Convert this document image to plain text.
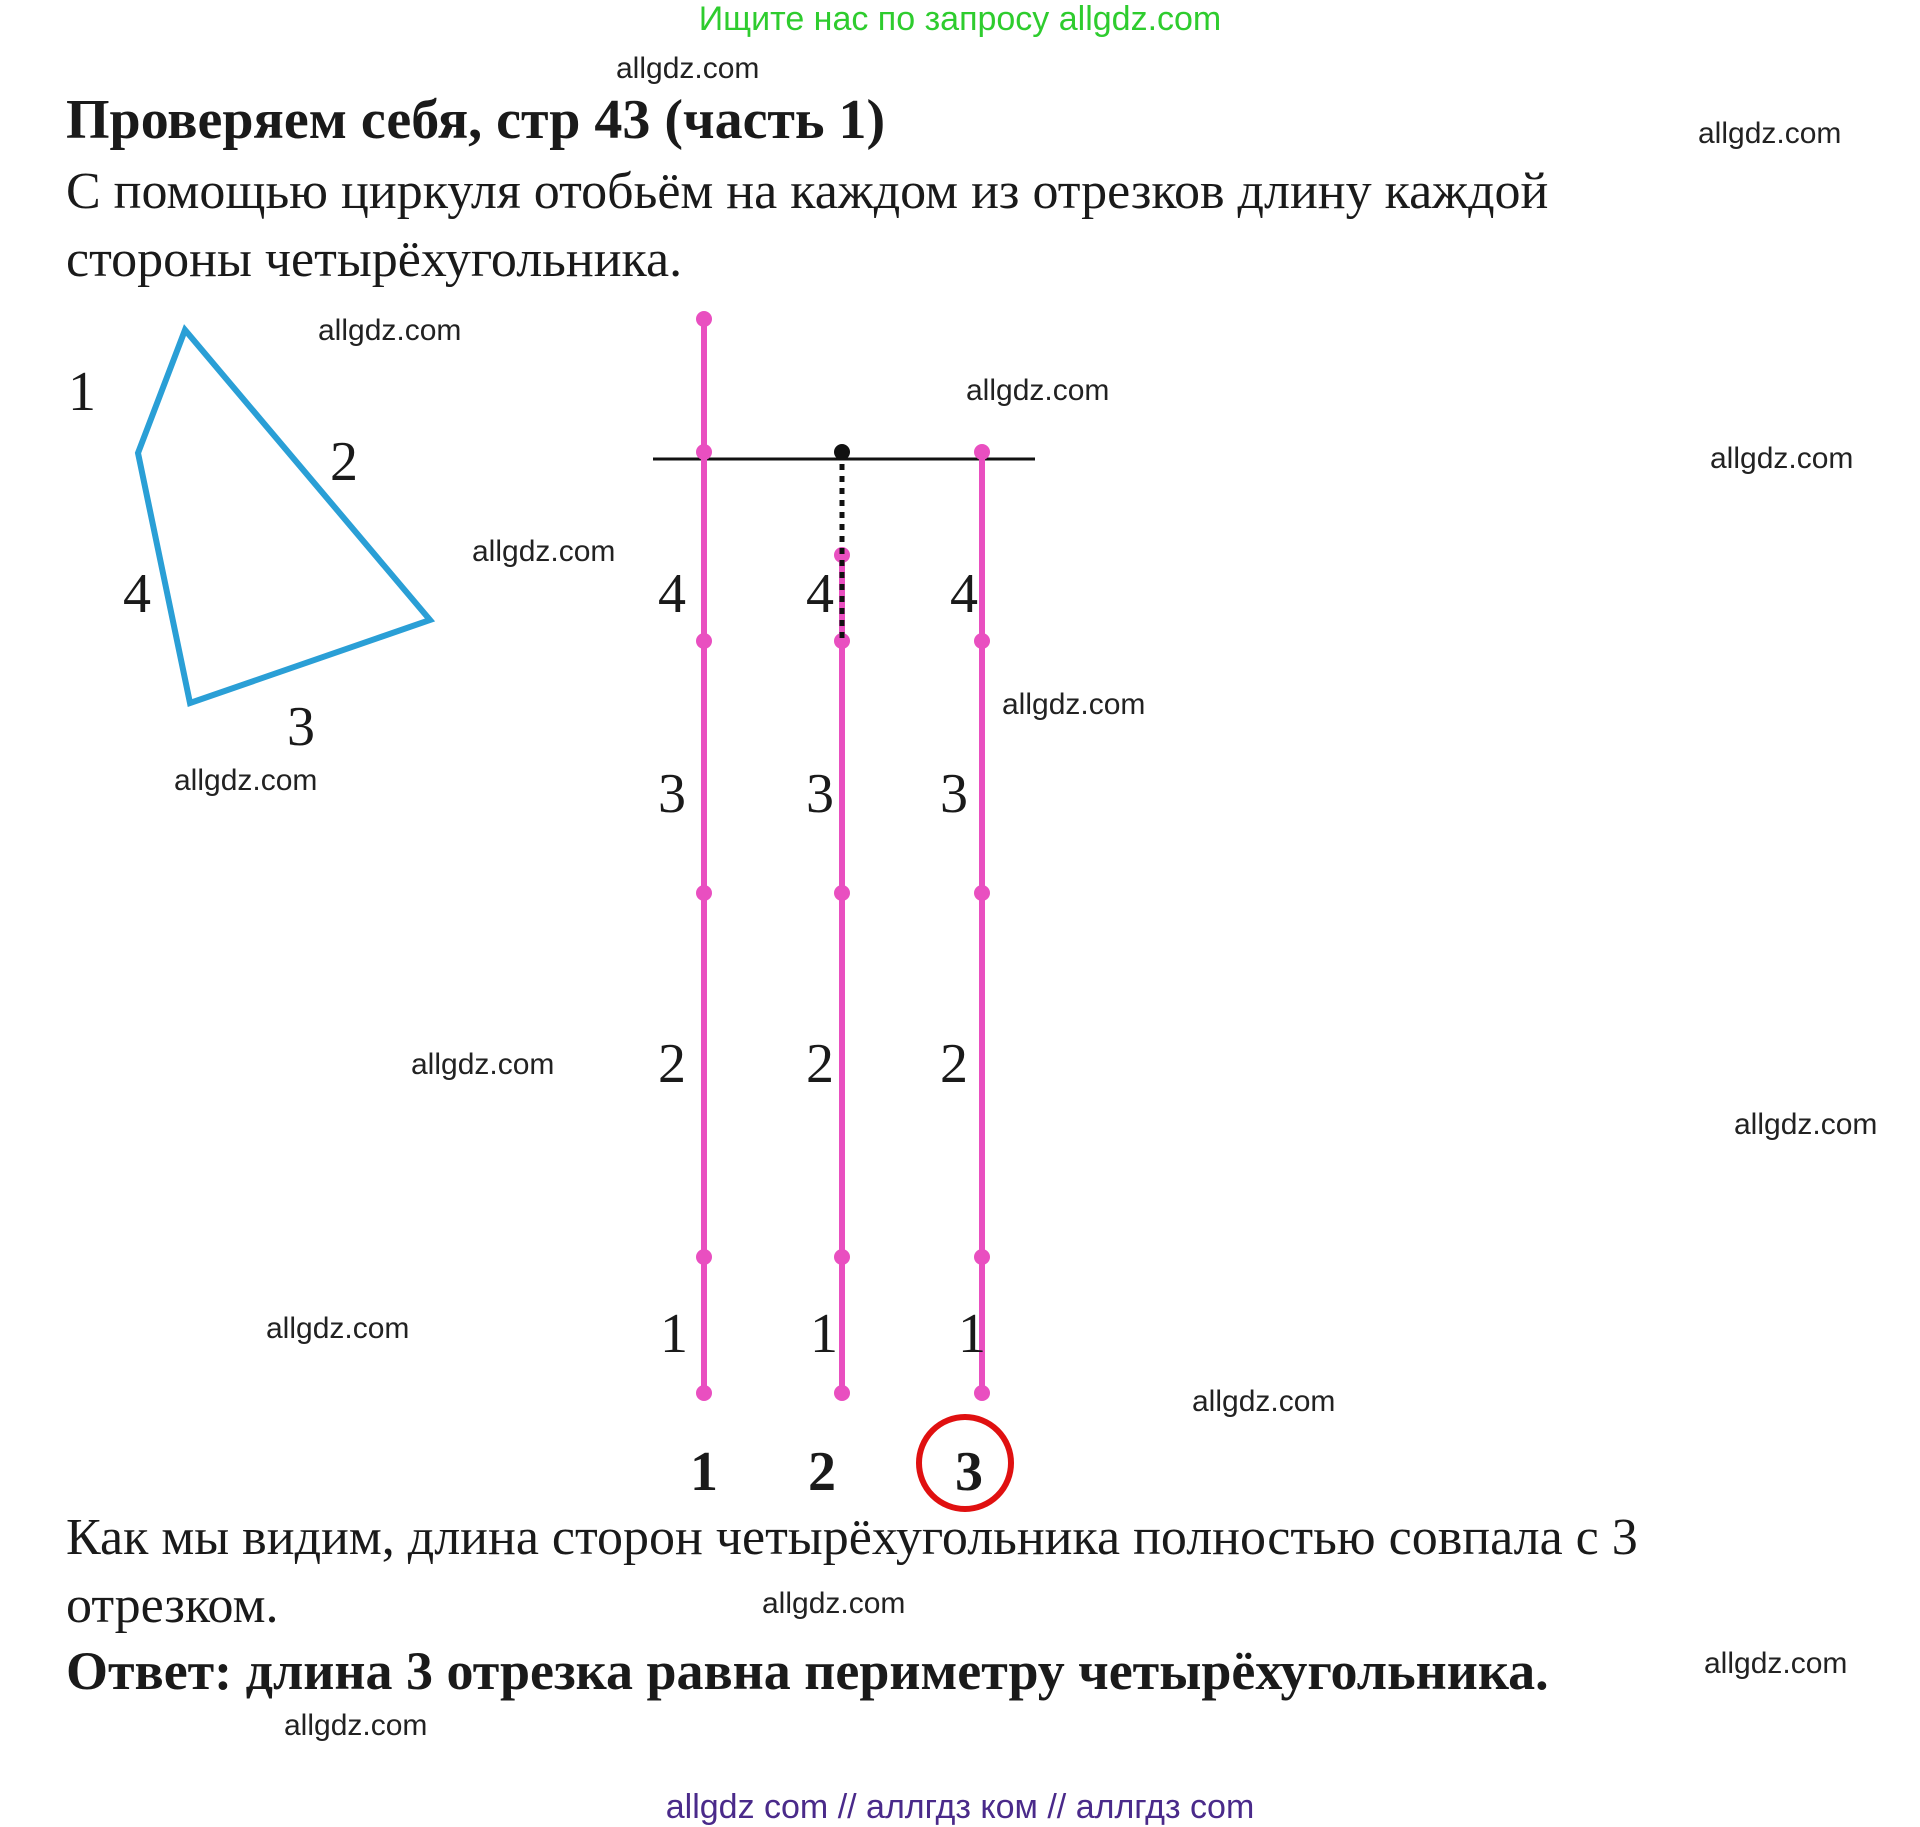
Ищите нас по запросу allgdz.com
Проверяем себя, стр 43 (часть 1)
С помощью циркуля отобьём на каждом из отрезков длину каждой
стороны четырёхугольника.
1
2
3
4	4
3
2
1
4
3
2
1
4
3
2
1
1 2 3
Как мы видим, длина сторон четырёхугольника полностью совпала с 3
отрезком.
Ответ: длина 3 отрезка равна периметру четырёхугольника.
allgdz.com
allgdz.com
allgdz.com
allgdz.com
allgdz.com
allgdz.com
allgdz.com
allgdz.com
allgdz.com
allgdz.com
allgdz.com
allgdz.com
allgdz.com
allgdz.com
allgdz.com
allgdz com // аллгдз ком // аллгдз com
